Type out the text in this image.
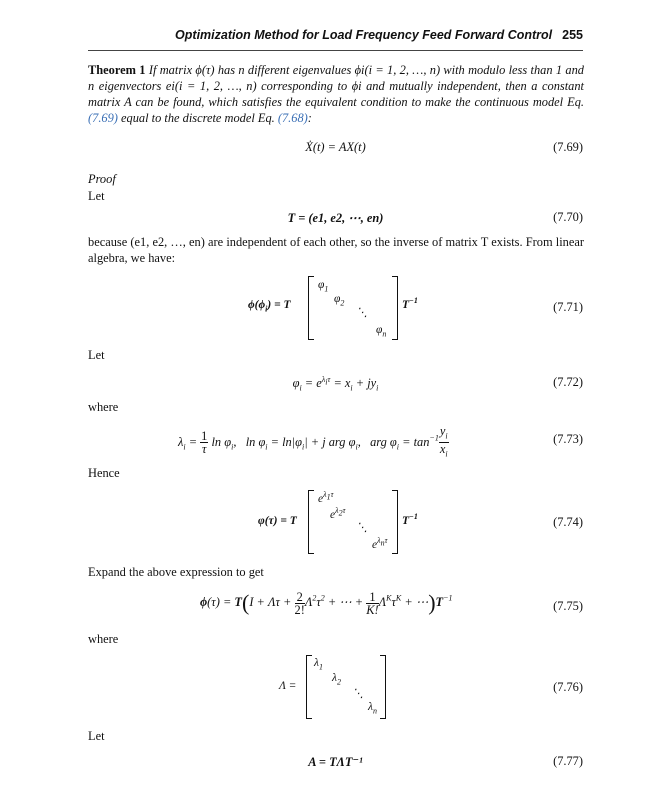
Optimization Method for Load Frequency Feed Forward Control 255
Theorem 1 If matrix ϕ(τ) has n different eigenvalues ϕi(i = 1, 2, …, n) with modulo less than 1 and n eigenvectors ei(i = 1, 2, …, n) corresponding to ϕi and mutually independent, then a constant matrix A can be found, which satisfies the equivalent condition to make the continuous model Eq. (7.69) equal to the discrete model Eq. (7.68):
Ẋ(t) = AX(t)	(7.69)
Proof
Let
T = (e1, e2, ⋯, en)	(7.70)
because (e1, e2, …, en) are independent of each other, so the inverse of matrix T exists. From linear algebra, we have:
$\phi(\phi_i) = T$
$\varphi_1$
$\varphi_2$
⋱
$\varphi_n$
$T^{-1}$	(7.71)
Let
$\varphi_i = e^{\lambda_i\tau} = x_i + jy_i$	(7.72)
where
$\lambda_i = \frac{1}{\tau}$ $\ln \varphi_i$,   $\ln \varphi_i = \ln|\varphi_i| + j$ arg $\varphi_i$,   arg $\varphi_i = \tan^{-1} \frac{y_i}{x_i}$	(7.73)
Hence
φ(τ) = T
$e^{\lambda_1\tau}$
$e^{\lambda_2\tau}$
⋱
$e^{\lambda_n\tau}$
$T^{-1}$	(7.74)
Expand the above expression to get
$\phi(\tau) = T(I + \Lambda\tau + \frac{2}{2!} \Lambda^2\tau^2$ + ⋯ + $\frac{1}{K!} \Lambda^K\tau^K$ + $\cdots)T^{-1}$
(7.75)
where
Λ =
$\lambda_1$
$\lambda_2$
⋱
$\lambda_n$
(7.76)
Let
A = TΛT⁻¹	(7.77)
